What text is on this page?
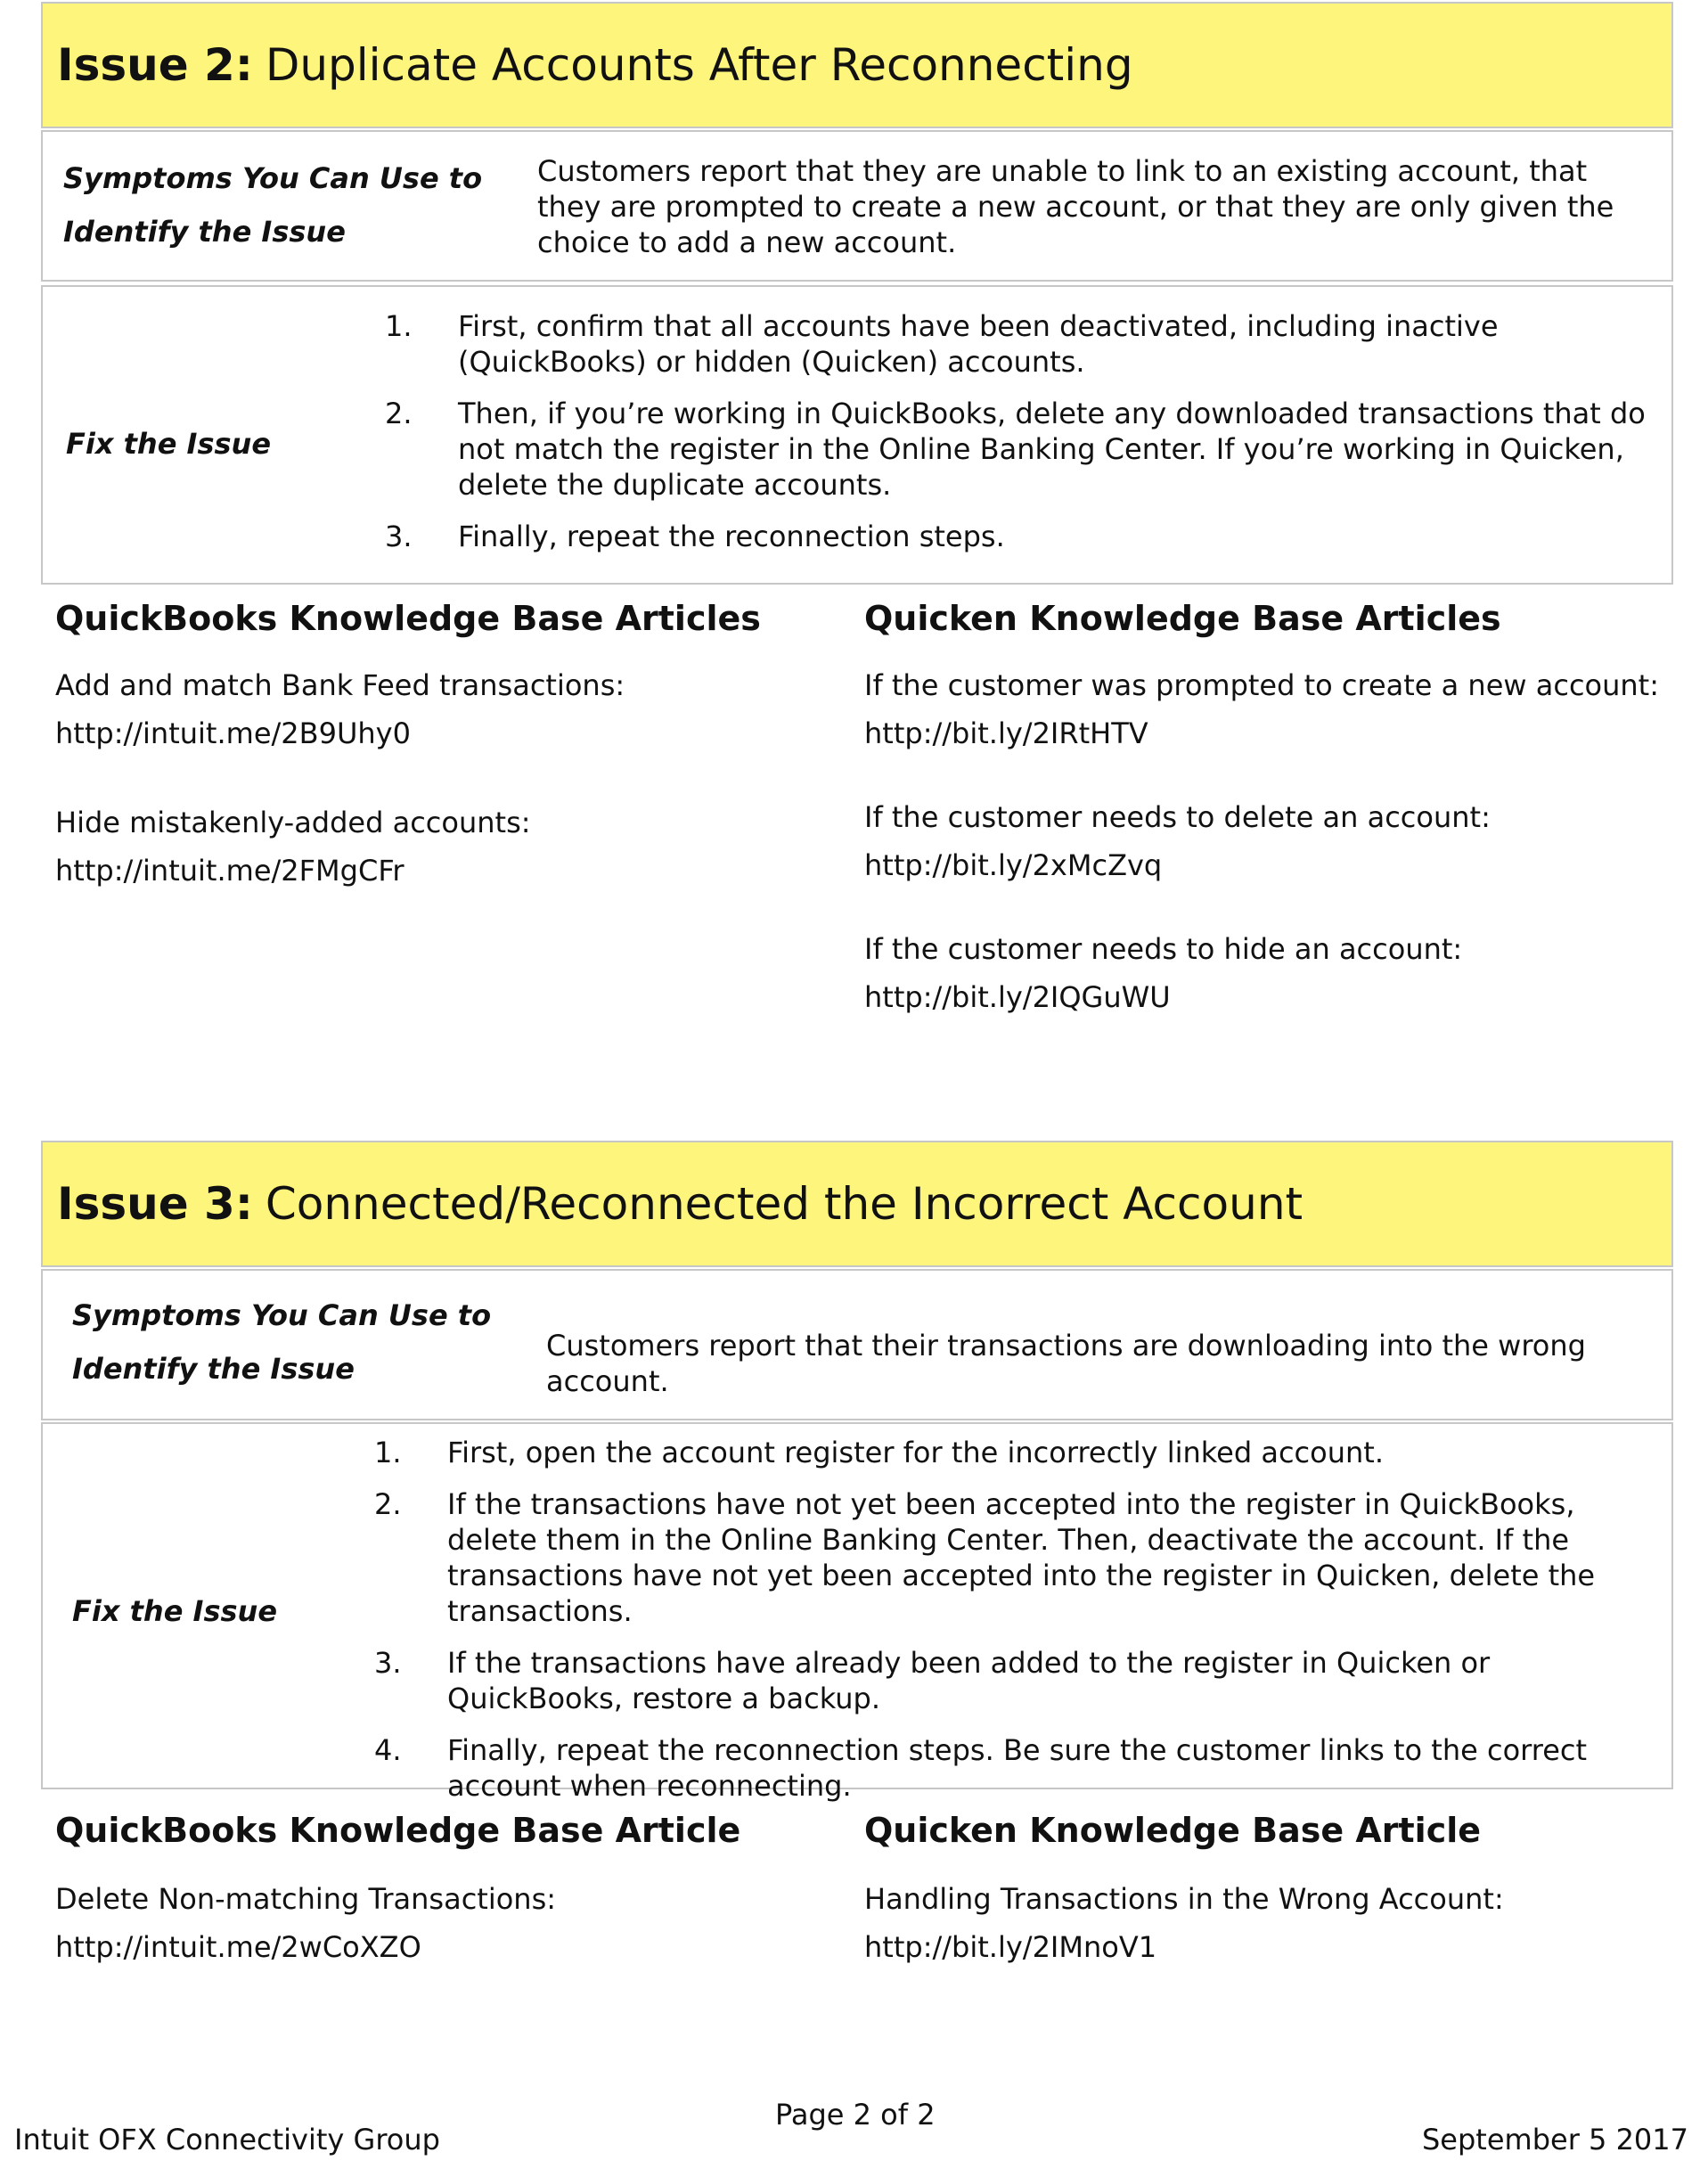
Issue 2: Duplicate Accounts After Reconnecting
Symptoms You Can Use to
Identify the Issue
Customers report that they are unable to link to an existing account, that they are prompted to create a new account, or that they are only given the choice to add a new account.
Fix the Issue
1. First, confirm that all accounts have been deactivated, including inactive (QuickBooks) or hidden (Quicken) accounts.
2. Then, if you’re working in QuickBooks, delete any downloaded transactions that do not match the register in the Online Banking Center. If you’re working in Quicken, delete the duplicate accounts.
3. Finally, repeat the reconnection steps.
QuickBooks Knowledge Base Articles
Add and match Bank Feed transactions:
http://intuit.me/2B9Uhy0
Hide mistakenly-added accounts:
http://intuit.me/2FMgCFr
Quicken Knowledge Base Articles
If the customer was prompted to create a new account:
http://bit.ly/2IRtHTV
If the customer needs to delete an account:
http://bit.ly/2xMcZvq
If the customer needs to hide an account:
http://bit.ly/2IQGuWU
Issue 3: Connected/Reconnected the Incorrect Account
Symptoms You Can Use to
Identify the Issue
Customers report that their transactions are downloading into the wrong account.
Fix the Issue
1. First, open the account register for the incorrectly linked account.
2. If the transactions have not yet been accepted into the register in QuickBooks, delete them in the Online Banking Center. Then, deactivate the account. If the transactions have not yet been accepted into the register in Quicken, delete the transactions.
3. If the transactions have already been added to the register in Quicken or QuickBooks, restore a backup.
4. Finally, repeat the reconnection steps. Be sure the customer links to the correct account when reconnecting.
QuickBooks Knowledge Base Article
Delete Non-matching Transactions:
http://intuit.me/2wCoXZO
Quicken Knowledge Base Article
Handling Transactions in the Wrong Account:
http://bit.ly/2IMnoV1
Page 2 of 2
Intuit OFX Connectivity Group	September 5 2017
